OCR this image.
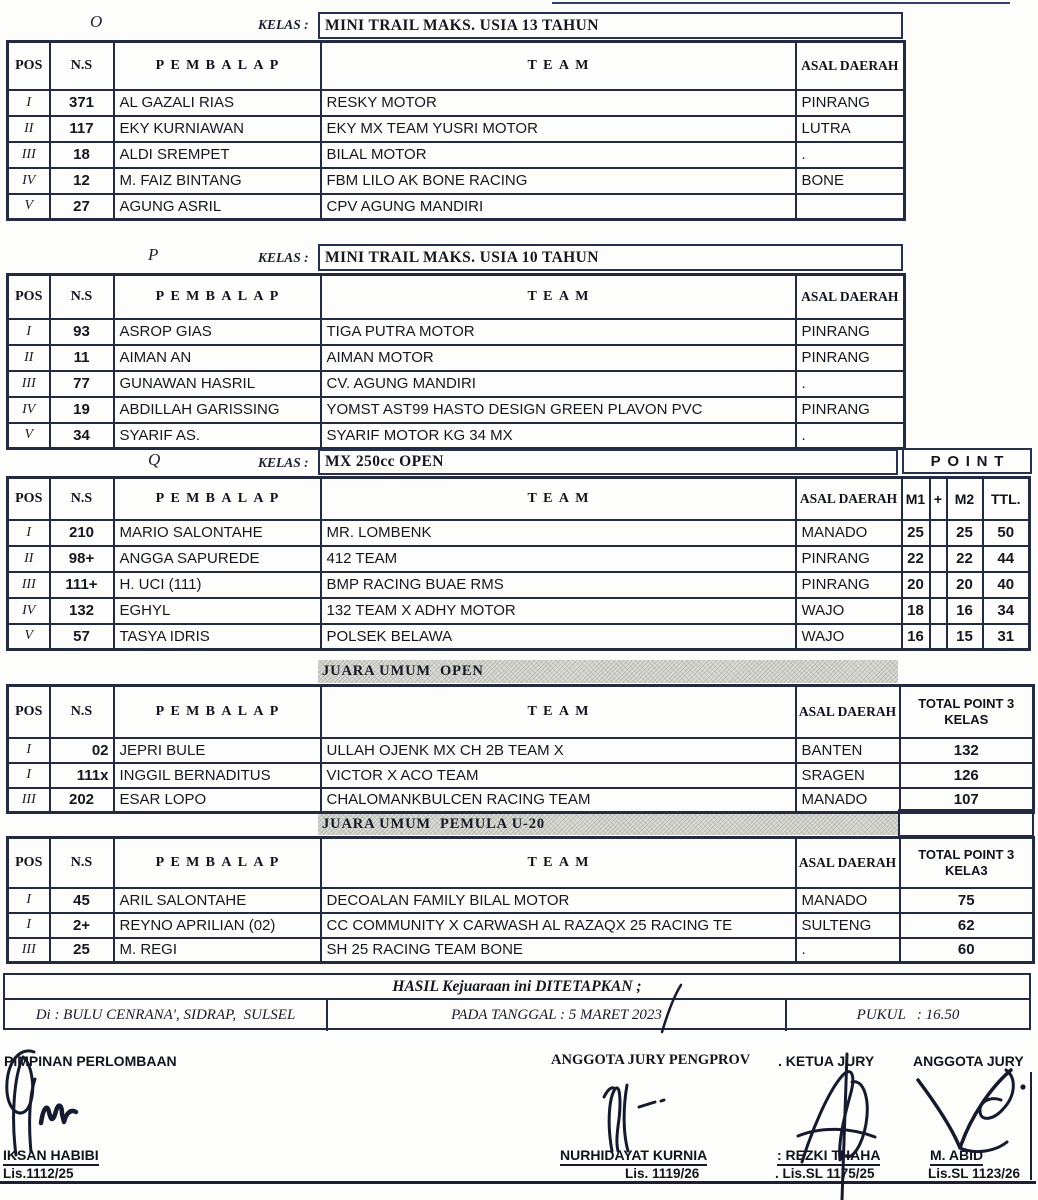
O	KELAS : MINI TRAIL MAKS. USIA 13 TAHUN
POS	N.S	PEMBALAP	TEAM	ASAL DAERAH
I	371	AL GAZALI RIAS	RESKY MOTOR	PINRANG
II	117	EKY KURNIAWAN	EKY MX TEAM YUSRI MOTOR	LUTRA
III	18	ALDI SREMPET	BILAL MOTOR	.
IV	12	M. FAIZ BINTANG	FBM LILO AK BONE RACING	BONE
V	27	AGUNG ASRIL	CPV AGUNG MANDIRI	
P	KELAS : MINI TRAIL MAKS. USIA 10 TAHUN
POS	N.S	PEMBALAP	TEAM	ASAL DAERAH
I	93	ASROP GIAS	TIGA PUTRA MOTOR	PINRANG
II	11	AIMAN AN	AIMAN MOTOR	PINRANG
III	77	GUNAWAN HASRIL	CV. AGUNG MANDIRI	.
IV	19	ABDILLAH GARISSING	YOMST AST99 HASTO DESIGN GREEN PLAVON PVC	PINRANG
V	34	SYARIF AS.	SYARIF MOTOR KG 34 MX	.
Q	KELAS : MX 250cc OPEN	POINT
POS	N.S	PEMBALAP	TEAM	ASAL DAERAH	M1	+	M2	TTL.
I	210	MARIO SALONTAHE	MR. LOMBENK	MANADO	25		25	50
II	98+	ANGGA SAPUREDE	412 TEAM	PINRANG	22		22	44
III	111+	H. UCI (111)	BMP RACING BUAE RMS	PINRANG	20		20	40
IV	132	EGHYL	132 TEAM X ADHY MOTOR	WAJO	18		16	34
V	57	TASYA IDRIS	POLSEK BELAWA	WAJO	16		15	31
JUARA UMUM  OPEN
POS	N.S	PEMBALAP	TEAM	ASAL DAERAH	TOTAL POINT 3
KELAS

I	02	JEPRI BULE	ULLAH OJENK MX CH 2B TEAM X	BANTEN	132
I	111x	INGGIL BERNADITUS	VICTOR X ACO TEAM	SRAGEN	126
III	202	ESAR LOPO	CHALOMANKBULCEN RACING TEAM	MANADO	107
JUARA UMUM  PEMULA U-20
POS	N.S	PEMBALAP	TEAM	ASAL DAERAH	TOTAL POINT 3
KELA3

I	45	ARIL SALONTAHE	DECOALAN FAMILY BILAL MOTOR	MANADO	75
I	2+	REYNO APRILIAN (02)	CC COMMUNITY X CARWASH AL RAZAQX 25 RACING TE	SULTENG	62
III	25	M. REGI	SH 25 RACING TEAM BONE	.	60
HASIL Kejuaraan ini DITETAPKAN ;
Di : BULU CENRANA', SIDRAP,  SULSEL	PADA TANGGAL : 5 MARET 2023	PUKUL   : 16.50
PIMPINAN PERLOMBAAN	ANGGOTA JURY PENGPROV . KETUA JURY	ANGGOTA JURY
IKSAN HABIBI
Lis.1112/25
NURHIDAYAT KURNIA
Lis. 1119/26
: REZKI THAHA
. Lis.SL 1175/25
M. ABID
Lis.SL 1123/26
